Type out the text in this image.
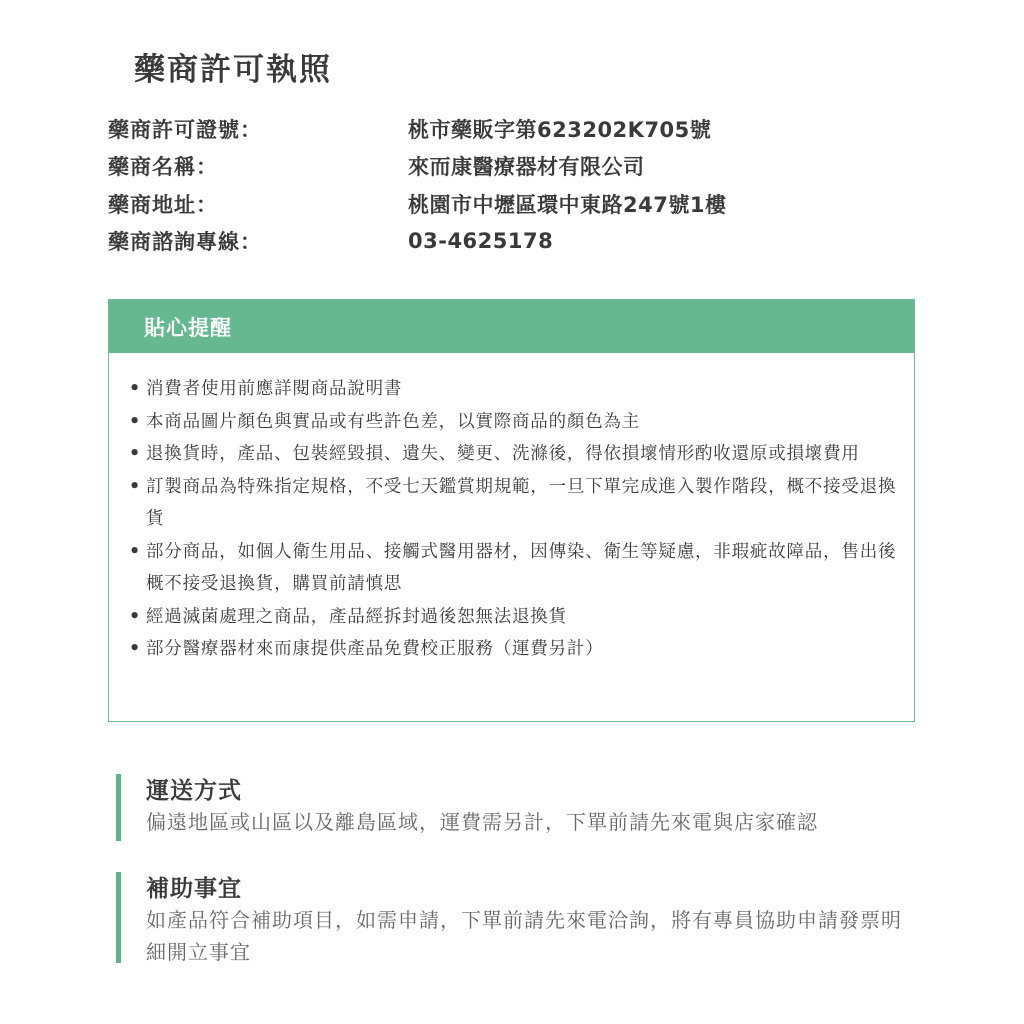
藥商許可執照
藥商許可證號：	桃市藥販字第623202K705號
藥商名稱：	來而康醫療器材有限公司
藥商地址：	桃園市中壢區環中東路247號1樓
藥商諮詢專線：	03-4625178
貼心提醒
• 消費者使用前應詳閱商品說明書
• 本商品圖片顏色與實品或有些許色差，以實際商品的顏色為主
• 退換貨時，產品、包裝經毀損、遺失、變更、洗滌後，得依損壞情形酌收還原或損壞費用
• 訂製商品為特殊指定規格，不受七天鑑賞期規範，一旦下單完成進入製作階段，概不接受退換貨
• 部分商品，如個人衛生用品、接觸式醫用器材，因傳染、衛生等疑慮，非瑕疵故障品，售出後概不接受退換貨，購買前請慎思
• 經過滅菌處理之商品，產品經拆封過後恕無法退換貨
• 部分醫療器材來而康提供產品免費校正服務（運費另計）
運送方式
偏遠地區或山區以及離島區域，運費需另計，下單前請先來電與店家確認
補助事宜
如產品符合補助項目，如需申請，下單前請先來電洽詢，將有專員協助申請發票明細開立事宜
